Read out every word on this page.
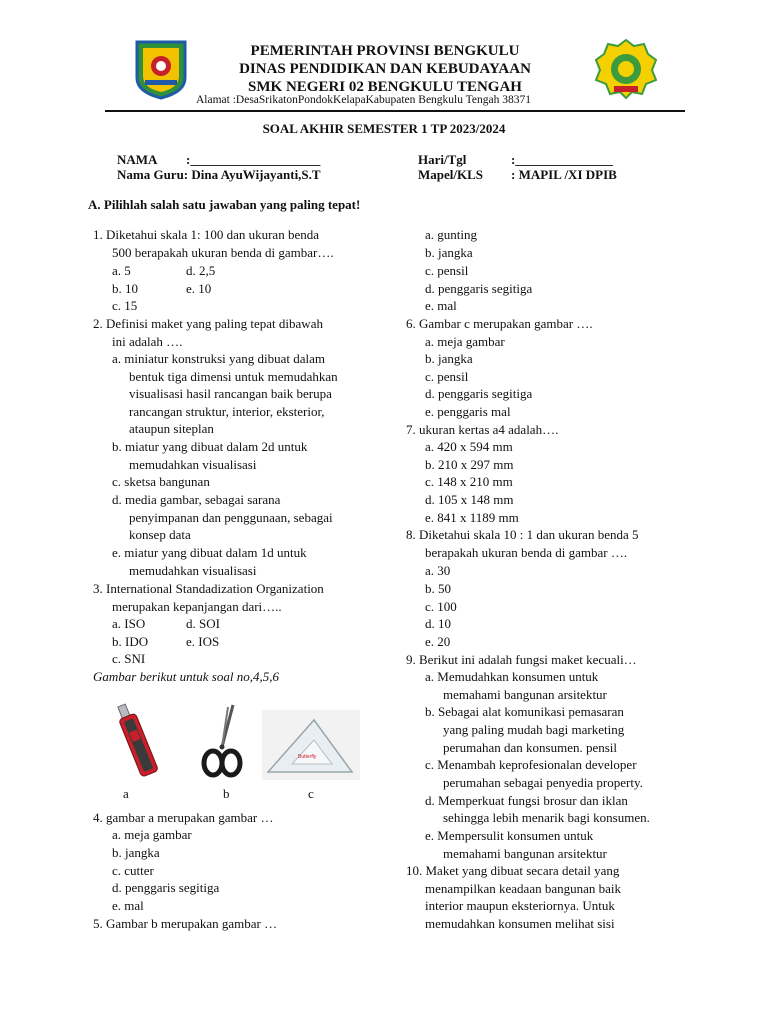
PEMERINTAH PROVINSI BENGKULU
DINAS PENDIDIKAN DAN KEBUDAYAAN
SMK NEGERI 02 BENGKULU TENGAH
Alamat :DesaSrikatonPondokKelapaKabupaten Bengkulu Tengah 38371
SOAL AKHIR SEMESTER 1 TP 2023/2024
NAMA :____________________
Nama Guru: Dina AyuWijayanti,S.T
Hari/Tgl	:_______________
Mapel/KLS : MAPIL /XI DPIB
A. Pilihlah salah satu jawaban yang paling tepat!
1. Diketahui skala 1: 100 dan ukuran benda
500 berapakah ukuran benda di gambar….
a. 5	d. 2,5
b. 10	e. 10
c. 15
2. Definisi maket yang paling tepat dibawah
ini adalah ….
a. miniatur konstruksi yang dibuat dalam
bentuk tiga dimensi untuk memudahkan
visualisasi hasil rancangan baik berupa
rancangan struktur, interior, eksterior,
ataupun siteplan
b. miatur yang dibuat dalam 2d untuk
memudahkan visualisasi
c. sketsa bangunan
d. media gambar, sebagai sarana
penyimpanan dan penggunaan, sebagai
konsep data
e. miatur yang dibuat dalam 1d untuk
memudahkan visualisasi
3. International Standadization Organization
merupakan kepanjangan dari…..
a. ISO	d. SOI
b. IDO	e. IOS
c. SNI
Gambar berikut untuk soal no,4,5,6
Butterfly
a	b	c
4. gambar a merupakan gambar …
a. meja gambar
b. jangka
c. cutter
d. penggaris segitiga
e. mal
5. Gambar b merupakan gambar …
a. gunting
b. jangka
c. pensil
d. penggaris segitiga
e. mal
6. Gambar c merupakan gambar ….
a. meja gambar
b. jangka
c. pensil
d. penggaris segitiga
e. penggaris mal
7. ukuran kertas a4 adalah….
a. 420 x 594 mm
b. 210 x 297 mm
c. 148 x 210 mm
d. 105 x 148 mm
e. 841 x 1189 mm
8. Diketahui skala 10 : 1 dan ukuran benda 5
berapakah ukuran benda di gambar ….
a. 30
b. 50
c. 100
d. 10
e. 20
9. Berikut ini adalah fungsi maket kecuali…
a. Memudahkan konsumen untuk
memahami bangunan arsitektur
b. Sebagai alat komunikasi pemasaran
yang paling mudah bagi marketing
perumahan dan konsumen. pensil
c. Menambah keprofesionalan developer
perumahan sebagai penyedia property.
d. Memperkuat fungsi brosur dan iklan
sehingga lebih menarik bagi konsumen.
e. Mempersulit konsumen untuk
memahami bangunan arsitektur
10. Maket yang dibuat secara detail yang
menampilkan keadaan bangunan baik
interior maupun eksteriornya. Untuk
memudahkan konsumen melihat sisi
